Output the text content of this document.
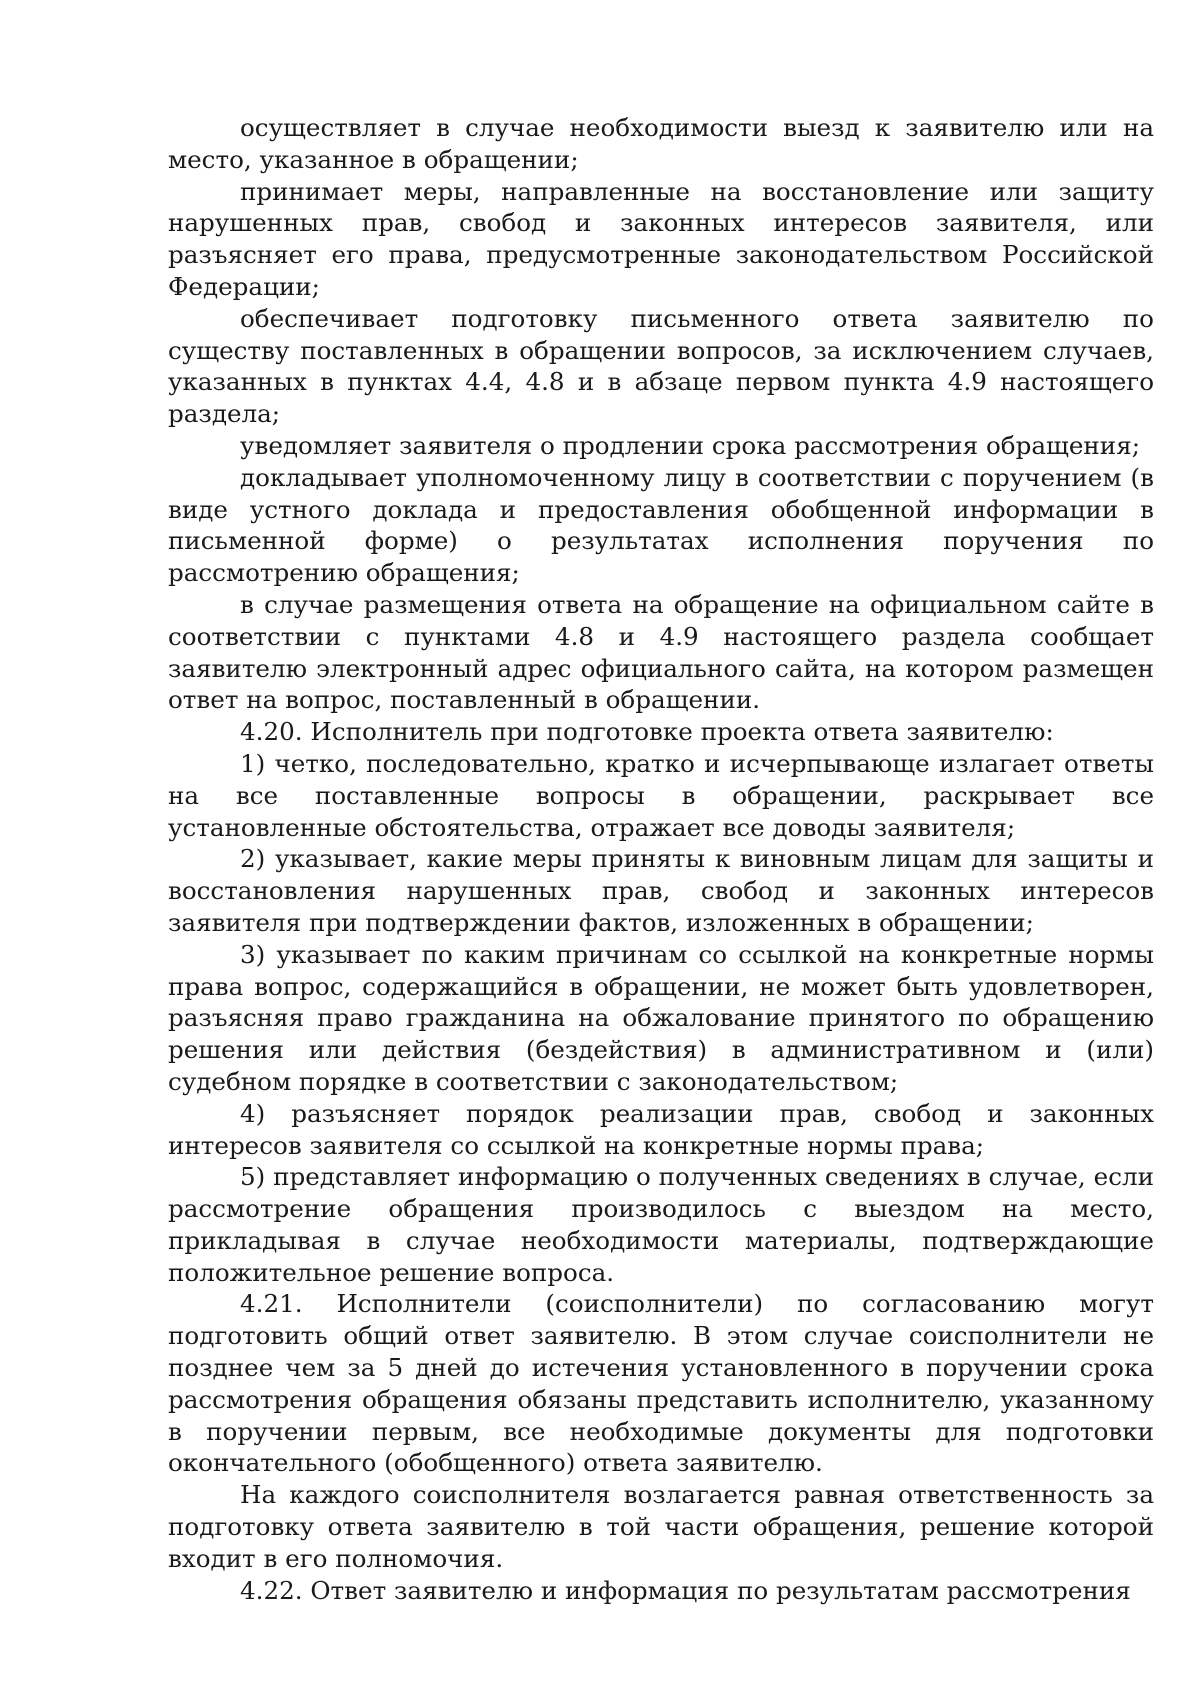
осуществляет в случае необходимости выезд к заявителю или на место, указанное в обращении;

принимает меры, направленные на восстановление или защиту нарушенных прав, свобод и законных интересов заявителя, или разъясняет его права, предусмотренные законодательством Российской Федерации;

обеспечивает подготовку письменного ответа заявителю по существу поставленных в обращении вопросов, за исключением случаев, указанных в пунктах 4.4, 4.8 и в абзаце первом пункта 4.9 настоящего раздела;

уведомляет заявителя о продлении срока рассмотрения обращения;

докладывает уполномоченному лицу в соответствии с поручением (в виде устного доклада и предоставления обобщенной информации в письменной форме) о результатах исполнения поручения по рассмотрению обращения;

в случае размещения ответа на обращение на официальном сайте в соответствии с пунктами 4.8 и 4.9 настоящего раздела сообщает заявителю электронный адрес официального сайта, на котором размещен ответ на вопрос, поставленный в обращении.

4.20. Исполнитель при подготовке проекта ответа заявителю:

1) четко, последовательно, кратко и исчерпывающе излагает ответы на все поставленные вопросы в обращении, раскрывает все установленные обстоятельства, отражает все доводы заявителя;

2) указывает, какие меры приняты к виновным лицам для защиты и восстановления нарушенных прав, свобод и законных интересов заявителя при подтверждении фактов, изложенных в обращении;

3) указывает по каким причинам со ссылкой на конкретные нормы права вопрос, содержащийся в обращении, не может быть удовлетворен, разъясняя право гражданина на обжалование принятого по обращению решения или действия (бездействия) в административном и (или) судебном порядке в соответствии с законодательством;

4) разъясняет порядок реализации прав, свобод и законных интересов заявителя со ссылкой на конкретные нормы права;

5) представляет информацию о полученных сведениях в случае, если рассмотрение обращения производилось с выездом на место, прикладывая в случае необходимости материалы, подтверждающие положительное решение вопроса.

4.21. Исполнители (соисполнители) по согласованию могут подготовить общий ответ заявителю. В этом случае соисполнители не позднее чем за 5 дней до истечения установленного в поручении срока рассмотрения обращения обязаны представить исполнителю, указанному в поручении первым, все необходимые документы для подготовки окончательного (обобщенного) ответа заявителю.

На каждого соисполнителя возлагается равная ответственность за подготовку ответа заявителю в той части обращения, решение которой входит в его полномочия.

4.22. Ответ заявителю и информация по результатам рассмотрения
